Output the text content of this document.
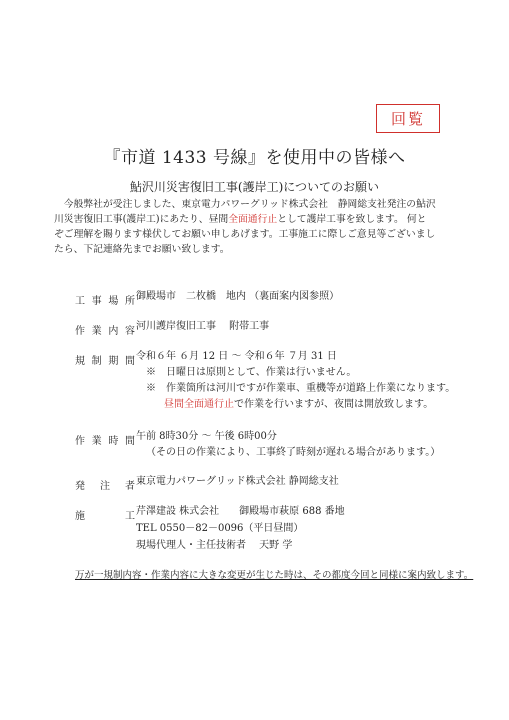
回覧
『市道 1433 号線』を使用中の皆様へ
鮎沢川災害復旧工事(護岸工)についてのお願い
　今般弊社が受注しました、東京電力パワーグリッド株式会社　静岡総支社発注の鮎沢
川災害復旧工事(護岸工)にあたり、昼間全面通行止として護岸工事を致します。 何と
ぞご理解を賜ります様伏してお願い申しあげます。工事施工に際しご意見等ございまし
たら、下記連絡先までお願い致します。
工事場所 御殿場市　二枚橋　地内 （裏面案内図参照）
作業内容 河川護岸復旧工事　 附帯工事
規制期間 令和６年 ６月 12 日 ～ 令和６年 ７月 31 日
※　日曜日は原則として、作業は行いません。
※　作業箇所は河川ですが作業車、重機等が道路上作業になります。
昼間全面通行止で作業を行いますが、夜間は開放致します。
作業時間 午前 8時30分 ～ 午後 6時00分
（その日の作業により、工事終了時刻が遅れる場合があります。）
発注者 東京電力パワーグリッド株式会社 静岡総支社
施工 芹澤建設 株式会社　　御殿場市萩原 688 番地
TEL 0550－82－0096（平日昼間）
現場代理人・主任技術者　 天野 学
万が一規制内容・作業内容に大きな変更が生じた時は、その都度今回と同様に案内致します。
